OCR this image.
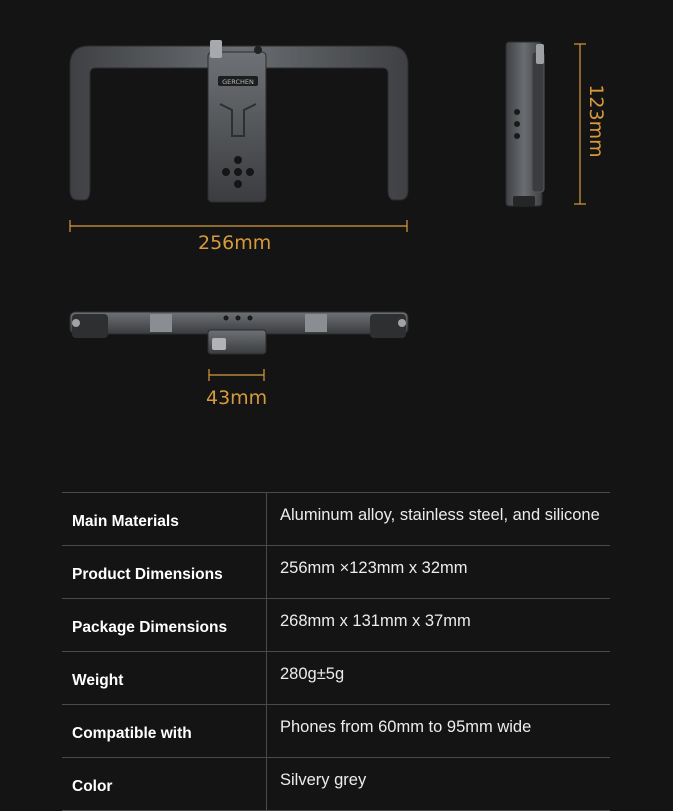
GERCHEN
256mm
123mm
43mm
Main Materials	Aluminum alloy, stainless steel, and silicone
Product Dimensions	256mm ×123mm x 32mm
Package Dimensions	268mm x 131mm x 37mm
Weight	280g±5g
Compatible with	Phones from 60mm to 95mm wide
Color	Silvery grey
